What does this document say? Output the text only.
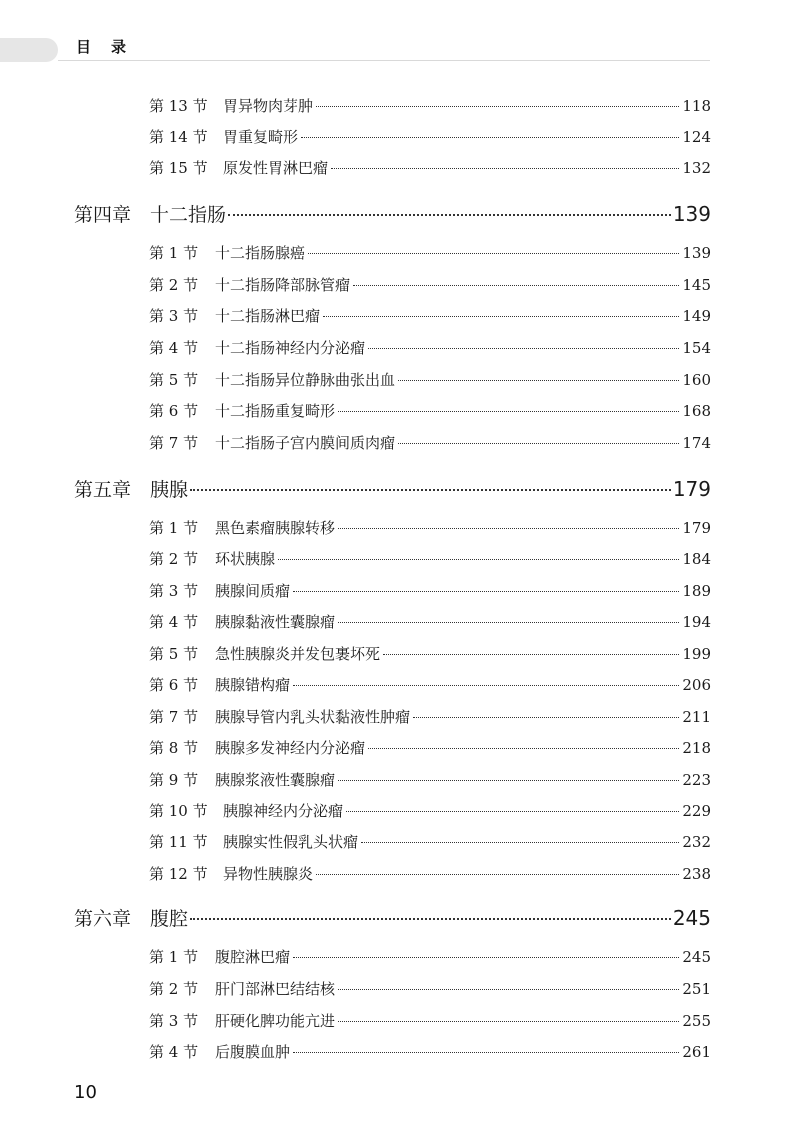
目录
第 13 节	胃异物肉芽肿	118
第 14 节	胃重复畸形	124
第 15 节	原发性胃淋巴瘤	132
第四章 十二指肠	139
第 1 节	十二指肠腺癌	139
第 2 节	十二指肠降部脉管瘤	145
第 3 节	十二指肠淋巴瘤	149
第 4 节	十二指肠神经内分泌瘤	154
第 5 节	十二指肠异位静脉曲张出血	160
第 6 节	十二指肠重复畸形	168
第 7 节	十二指肠子宫内膜间质肉瘤	174
第五章 胰腺	179
第 1 节	黑色素瘤胰腺转移	179
第 2 节	环状胰腺	184
第 3 节	胰腺间质瘤	189
第 4 节	胰腺黏液性囊腺瘤	194
第 5 节	急性胰腺炎并发包裹坏死	199
第 6 节	胰腺错构瘤	206
第 7 节	胰腺导管内乳头状黏液性肿瘤	211
第 8 节	胰腺多发神经内分泌瘤	218
第 9 节	胰腺浆液性囊腺瘤	223
第 10 节	胰腺神经内分泌瘤	229
第 11 节	胰腺实性假乳头状瘤	232
第 12 节	异物性胰腺炎	238
第六章 腹腔	245
第 1 节	腹腔淋巴瘤	245
第 2 节	肝门部淋巴结结核	251
第 3 节	肝硬化脾功能亢进	255
第 4 节	后腹膜血肿	261
10
